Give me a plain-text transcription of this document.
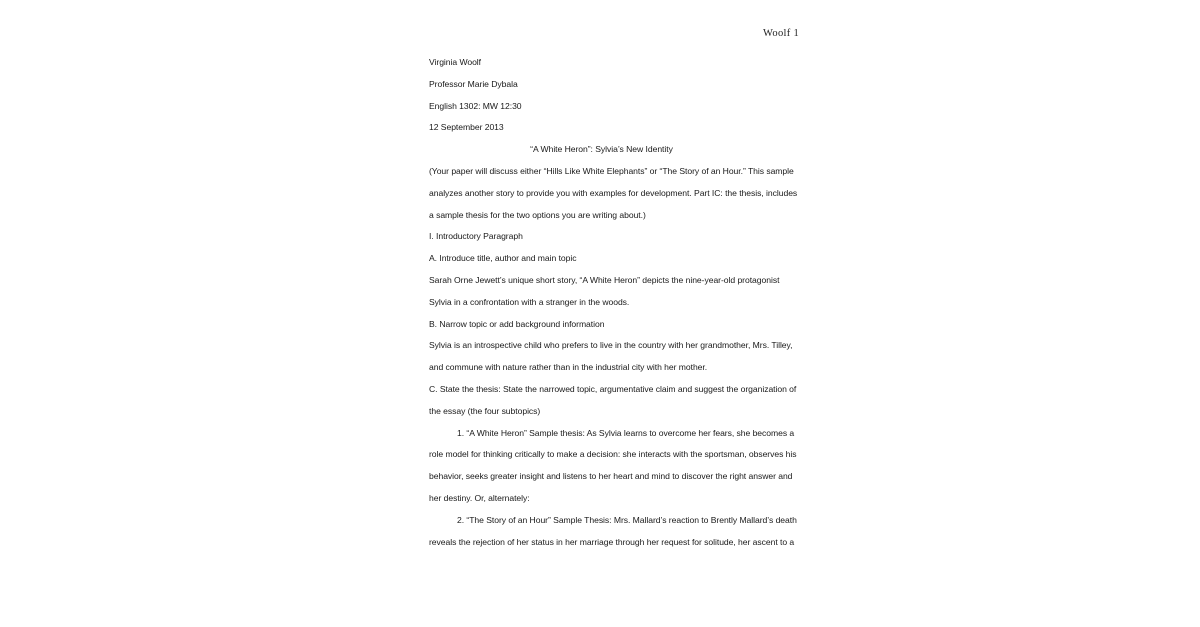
Woolf 1
Virginia Woolf
Professor Marie Dybala
English 1302: MW 12:30
12 September 2013
“A White Heron”: Sylvia’s New Identity
(Your paper will discuss either “Hills Like White Elephants” or “The Story of an Hour.” This sample
analyzes another story to provide you with examples for development. Part IC: the thesis, includes
a sample thesis for the two options you are writing about.)
I. Introductory Paragraph
A. Introduce title, author and main topic
Sarah Orne Jewett’s unique short story, “A White Heron” depicts the nine-year-old protagonist
Sylvia in a confrontation with a stranger in the woods.
B. Narrow topic or add background information
Sylvia is an introspective child who prefers to live in the country with her grandmother, Mrs. Tilley,
and commune with nature rather than in the industrial city with her mother.
C. State the thesis: State the narrowed topic, argumentative claim and suggest the organization of
the essay (the four subtopics)
1. “A White Heron” Sample thesis: As Sylvia learns to overcome her fears, she becomes a
role model for thinking critically to make a decision: she interacts with the sportsman, observes his
behavior, seeks greater insight and listens to her heart and mind to discover the right answer and
her destiny. Or, alternately:
2. “The Story of an Hour” Sample Thesis: Mrs. Mallard’s reaction to Brently Mallard’s death
reveals the rejection of her status in her marriage through her request for solitude, her ascent to a
